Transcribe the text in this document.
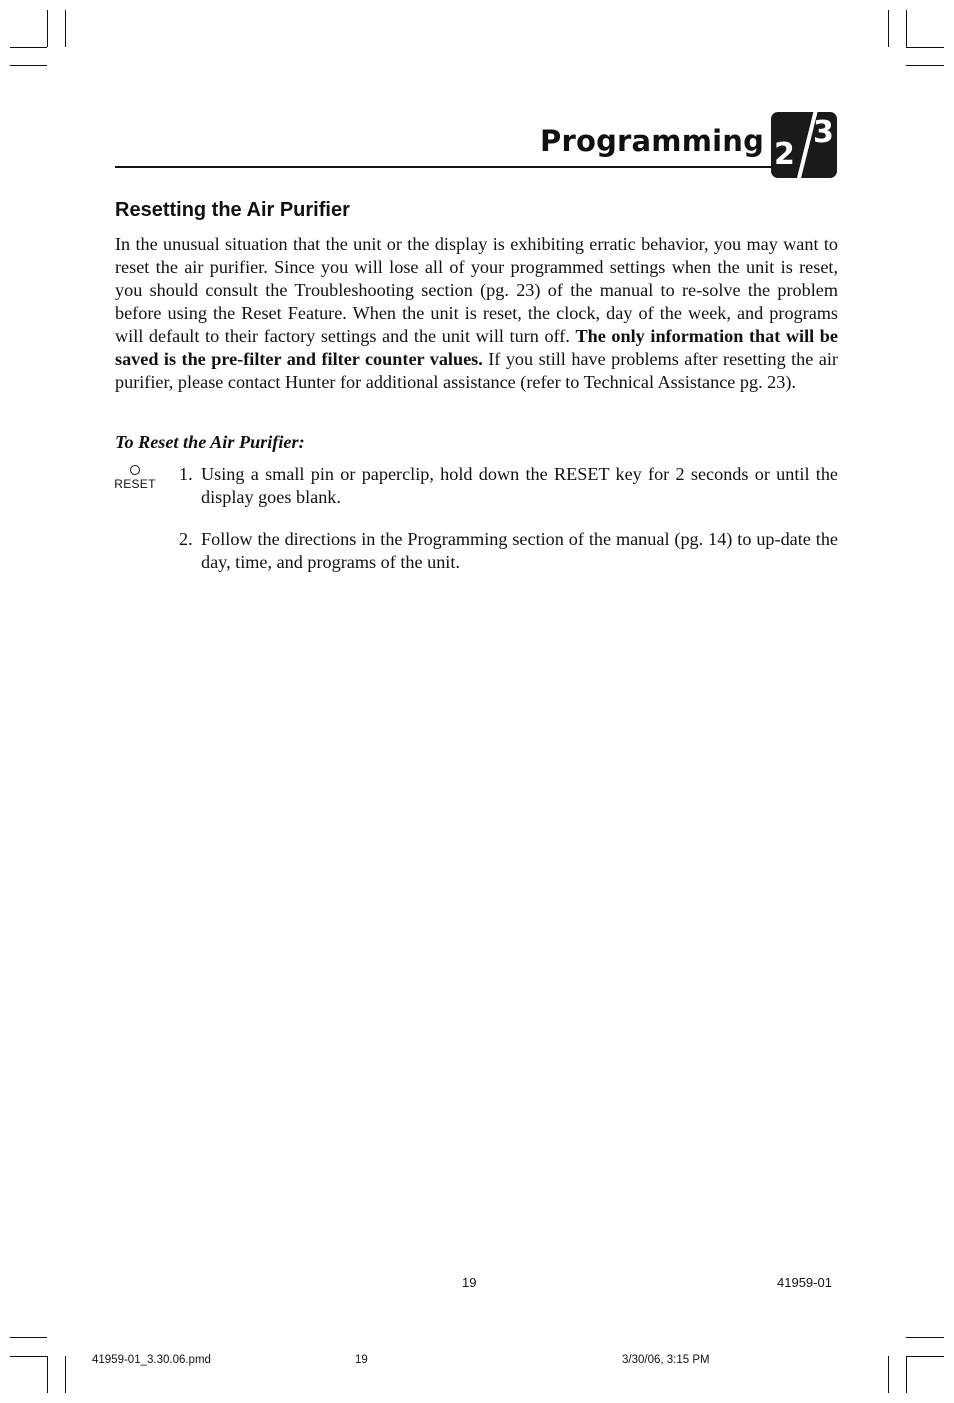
Programming 2
3
Resetting the Air Purifier
In the unusual situation that the unit or the display is exhibiting erratic behavior, you may want to reset the air purifier. Since you will lose all of your programmed settings when the unit is reset, you should consult the Troubleshooting section (pg. 23) of the manual to re-solve the problem before using the Reset Feature. When the unit is reset, the clock, day of the week, and programs will default to their factory settings and the unit will turn off. The only information that will be saved is the pre-filter and filter counter values. If you still have problems after resetting the air purifier, please contact Hunter for additional assistance (refer to Technical Assistance pg. 23).
To Reset the Air Purifier:
RESET 1. Using a small pin or paperclip, hold down the RESET key for 2 seconds or until the display goes blank.
2. Follow the directions in the Programming section of the manual (pg. 14) to up-date the day, time, and programs of the unit.
19	41959-01
41959-01_3.30.06.pmd	19	3/30/06, 3:15 PM
